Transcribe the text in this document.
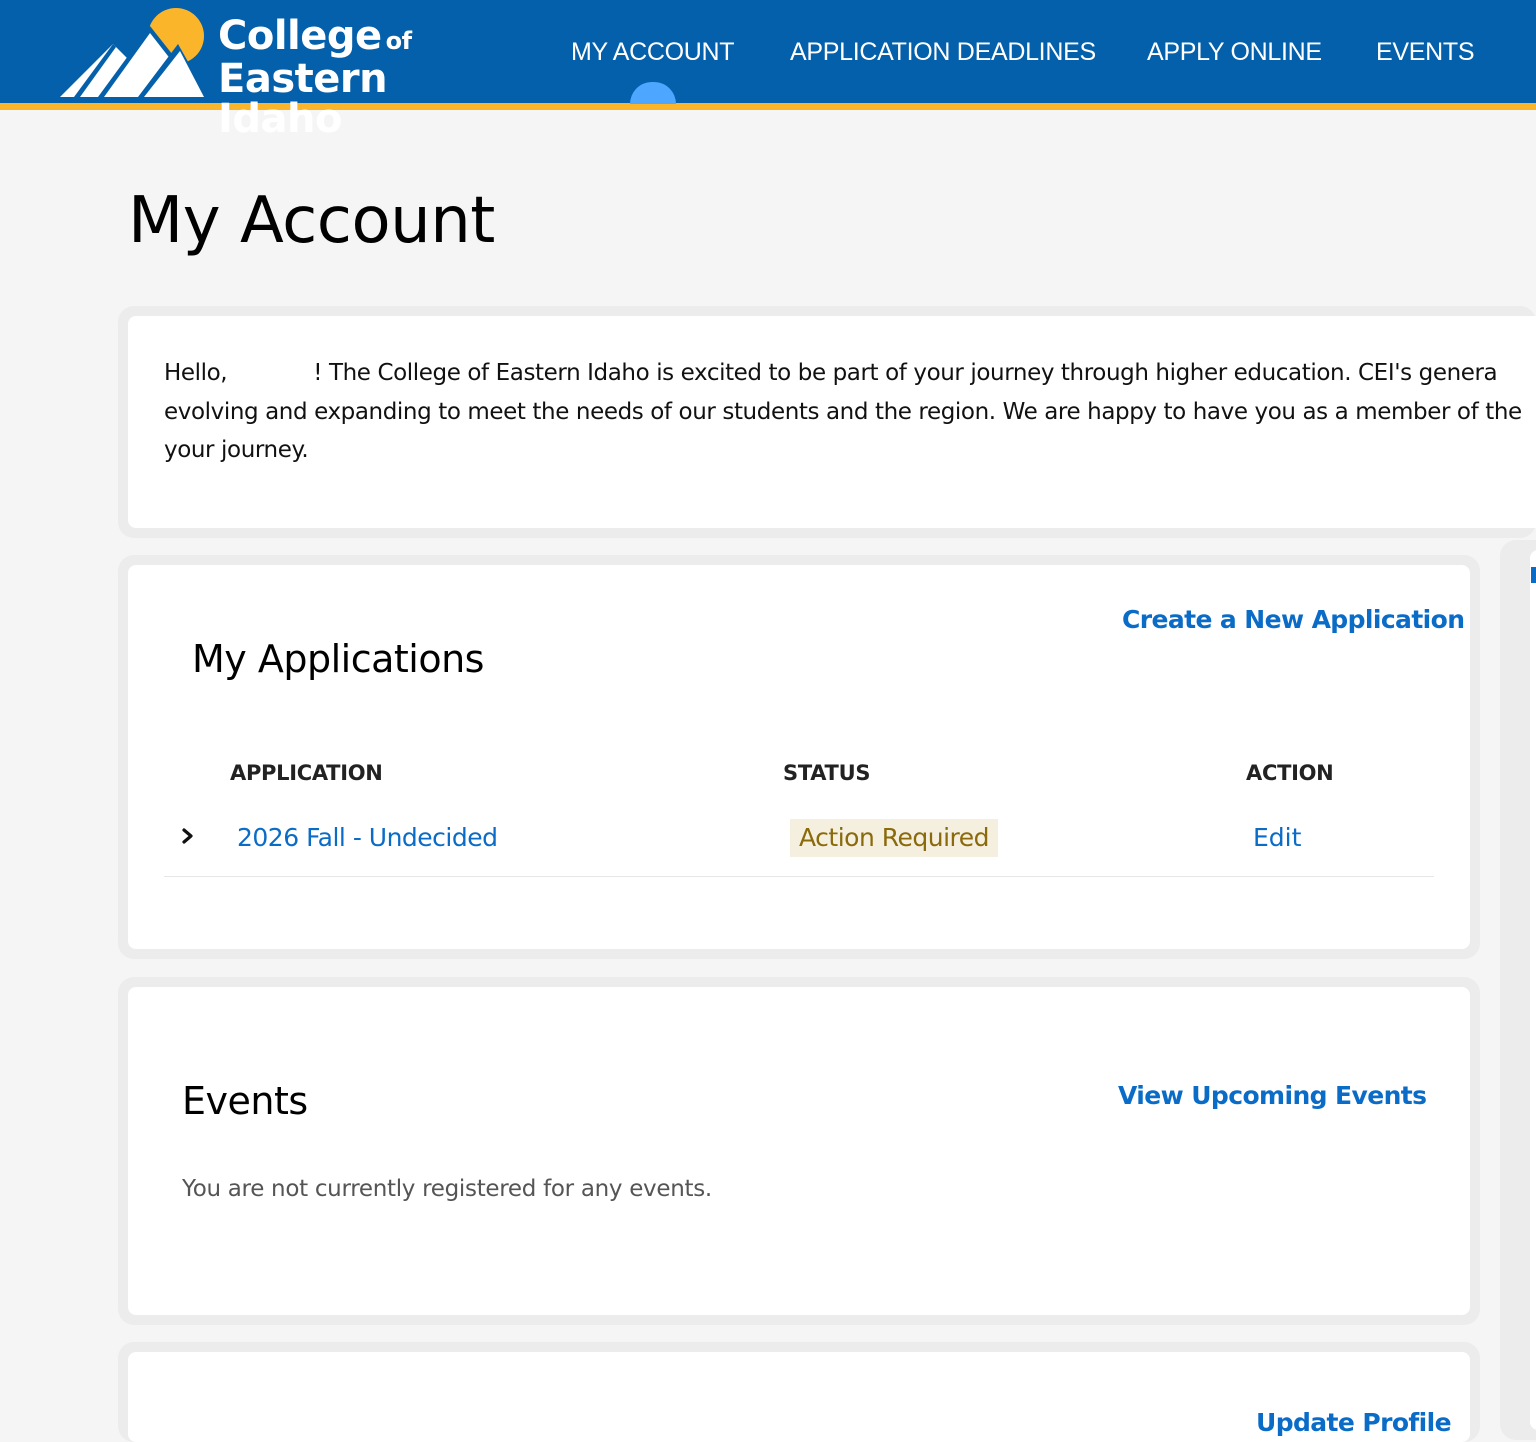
College of
Eastern Idaho
MY ACCOUNT APPLICATION DEADLINES APPLY ONLINE EVENTS
My Account
Hello,	! The College of Eastern Idaho is excited to be part of your journey through higher education. CEI's genera
evolving and expanding to meet the needs of our students and the region. We are happy to have you as a member of the
your journey.
My Applications
Create a New Application
APPLICATION	STATUS	ACTION
2026 Fall - Undecided	Action Required	Edit
Events	View Upcoming Events

You are not currently registered for any events.

Update Profile
